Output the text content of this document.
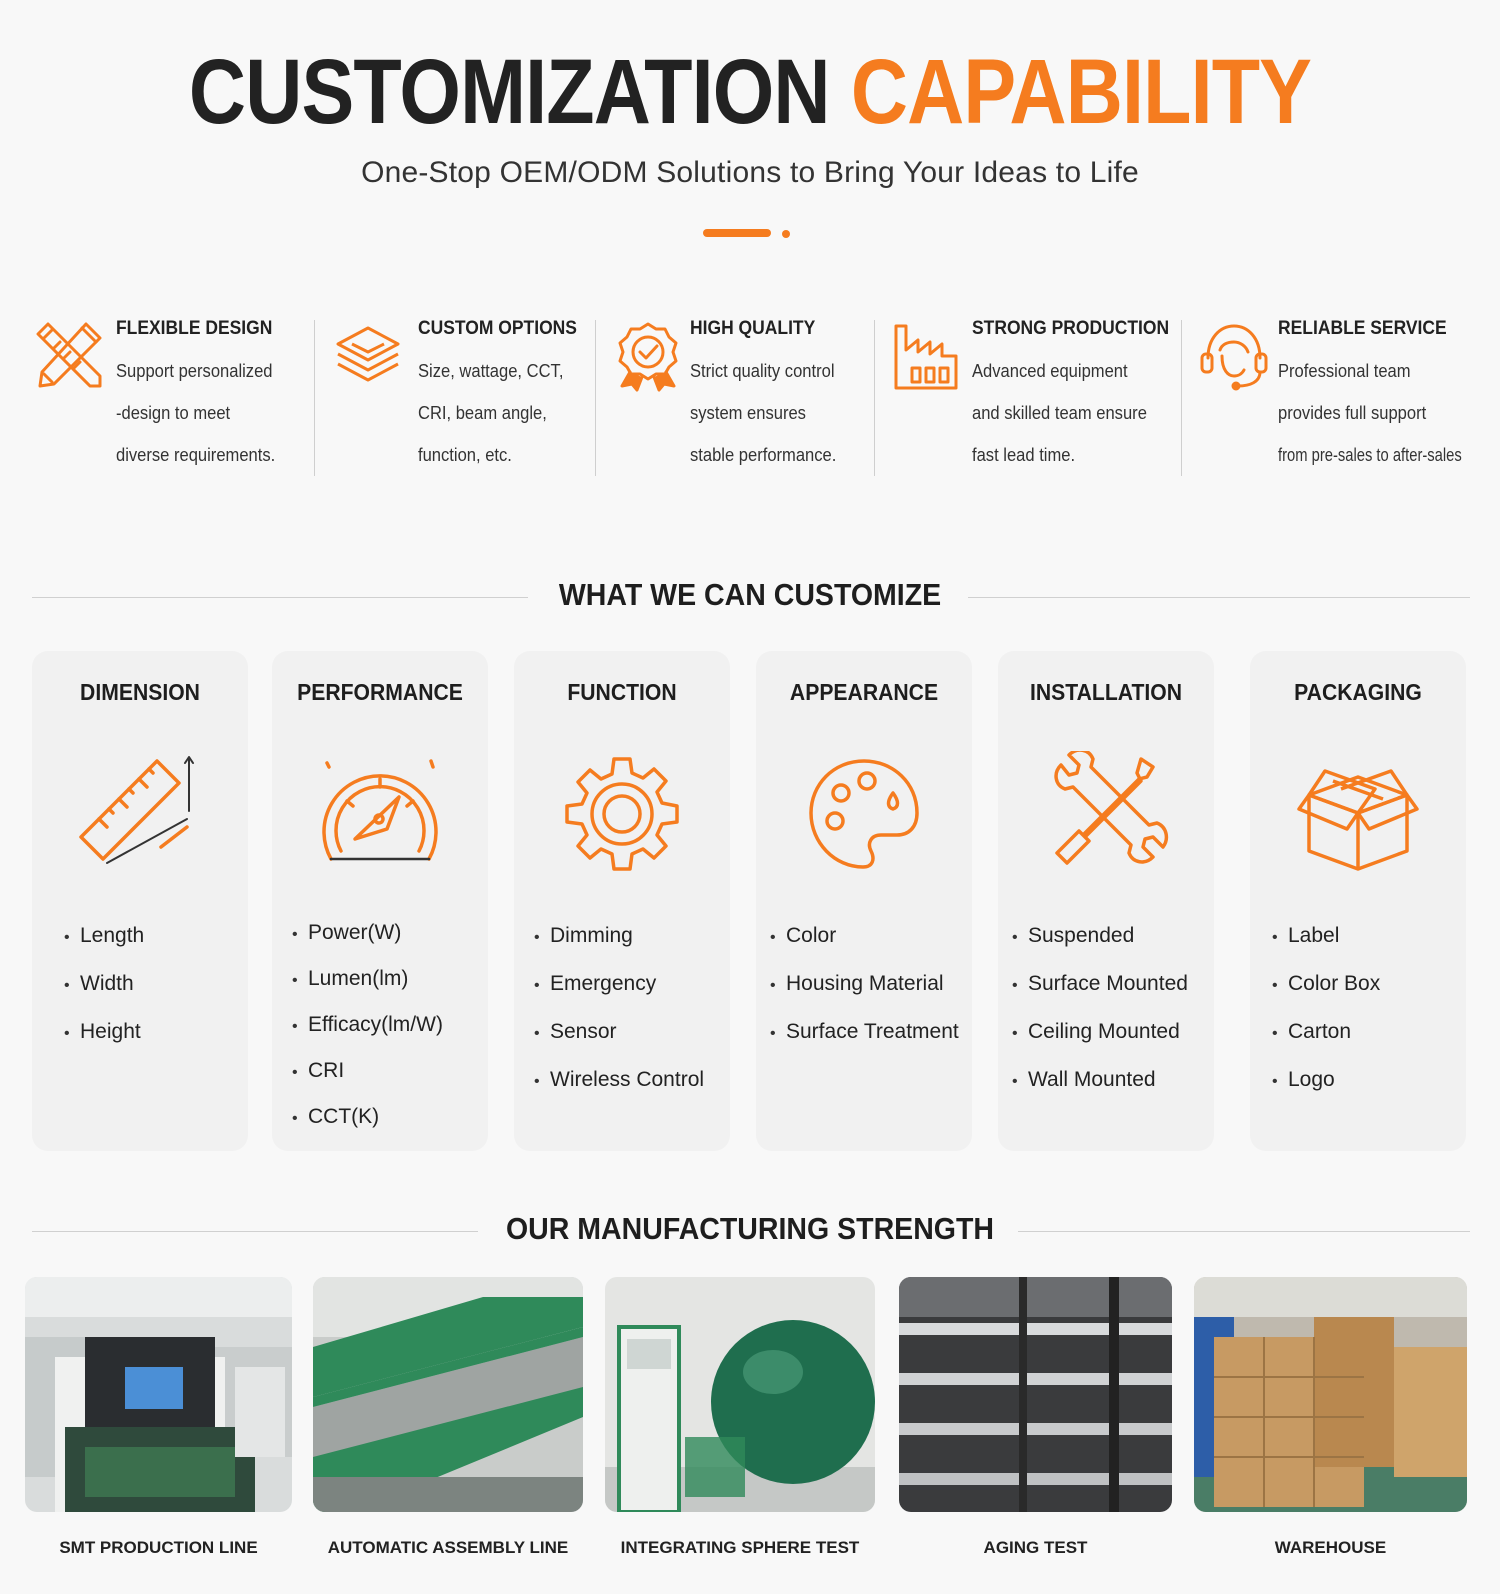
CUSTOMIZATION CAPABILITY
One-Stop OEM/ODM Solutions to Bring Your Ideas to Life
FLEXIBLE DESIGN
Support personalized
-design to meet
diverse requirements.
CUSTOM OPTIONS
Size, wattage, CCT,
CRI, beam angle,
function, etc.
HIGH QUALITY
Strict quality control
system ensures
stable performance.
STRONG PRODUCTION
Advanced equipment
and skilled team ensure
fast lead time.
RELIABLE SERVICE
Professional team
provides full support
from pre-sales to after-sales
WHAT WE CAN CUSTOMIZE
DIMENSION
• Length
• Width
• Height
PERFORMANCE
• Power(W)
• Lumen(lm)
• Efficacy(lm/W)
• CRI
• CCT(K)
FUNCTION
• Dimming
• Emergency
• Sensor
• Wireless Control
APPEARANCE
• Color
• Housing Material
• Surface Treatment
INSTALLATION
• Suspended
• Surface Mounted
• Ceiling Mounted
• Wall Mounted
PACKAGING
• Label
• Color Box
• Carton
• Logo
OUR MANUFACTURING STRENGTH
SMT PRODUCTION LINE	AUTOMATIC ASSEMBLY LINE	INTEGRATING SPHERE TEST	AGING TEST	WAREHOUSE
